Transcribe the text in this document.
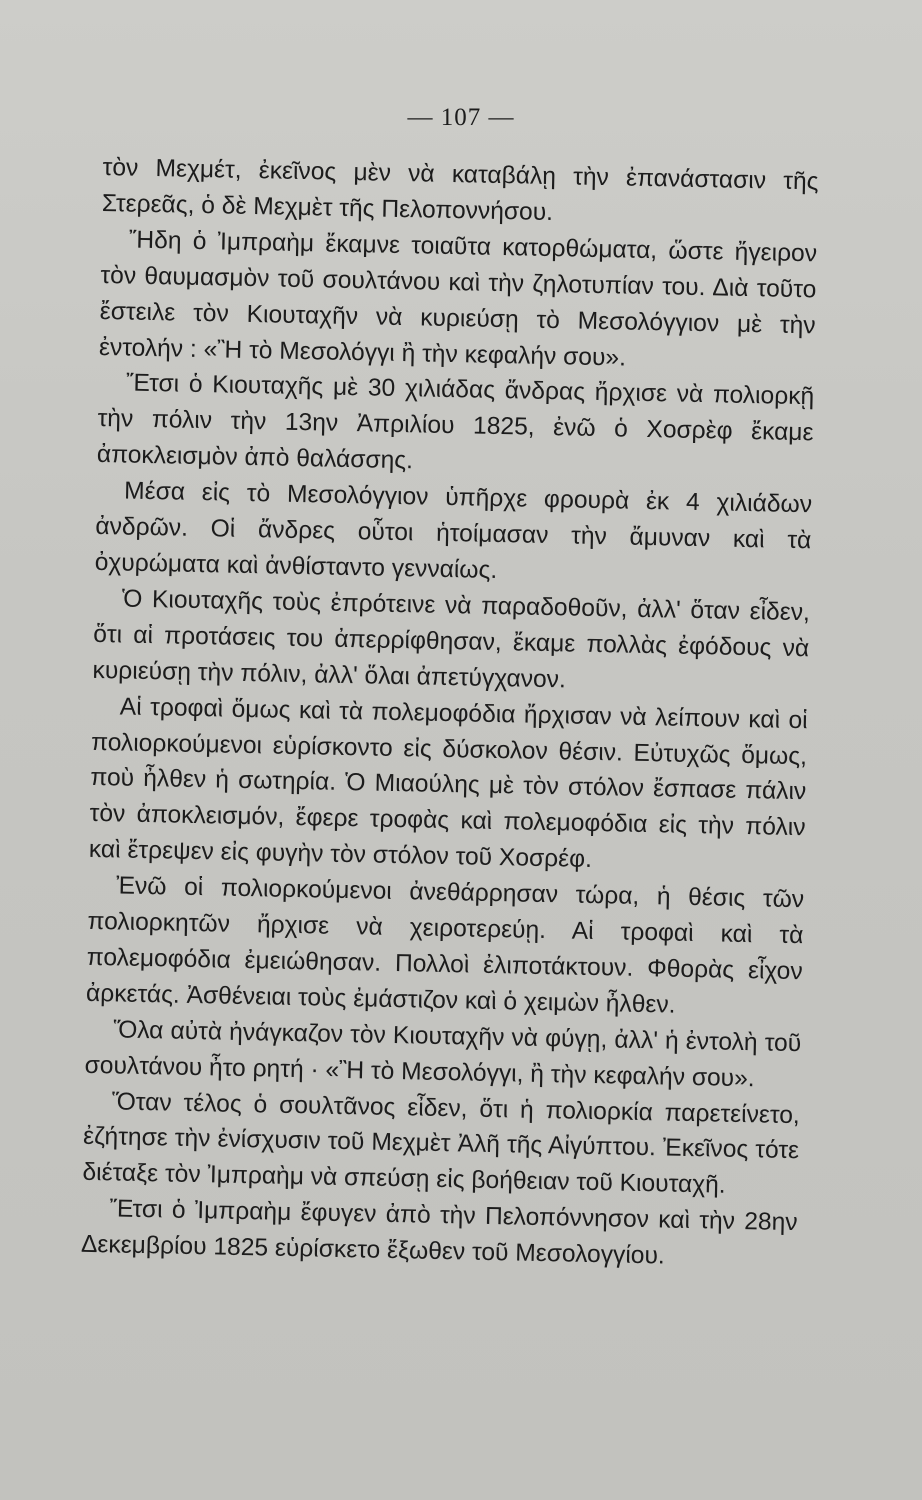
— 107 —

τὸν Μεχμέτ, ἐκεῖνος μὲν νὰ καταβάλῃ τὴν ἐπανάστασιν τῆς Στερεᾶς, ὁ δὲ Μεχμὲτ τῆς Πελοποννήσου.

Ἤδη ὁ Ἰμπραὴμ ἔκαμνε τοιαῦτα κατορθώματα, ὥστε ἤγειρον τὸν θαυμασμὸν τοῦ σουλτάνου καὶ τὴν ζηλοτυπίαν του. Διὰ τοῦτο ἔστειλε τὸν Κιουταχῆν νὰ κυριεύσῃ τὸ Μεσολόγγιον μὲ τὴν ἐντολήν : «Ἢ τὸ Μεσολόγγι ἢ τὴν κεφαλήν σου».

Ἔτσι ὁ Κιουταχῆς μὲ 30 χιλιάδας ἄνδρας ἤρχισε νὰ πολιορκῇ τὴν πόλιν τὴν 13ην Ἀπριλίου 1825, ἐνῶ ὁ Χοσρὲφ ἔκαμε ἀποκλεισμὸν ἀπὸ θαλάσσης.

Μέσα εἰς τὸ Μεσολόγγιον ὑπῆρχε φρουρὰ ἐκ 4 χιλιάδων ἀνδρῶν. Οἱ ἄνδρες οὗτοι ἡτοίμασαν τὴν ἄμυναν καὶ τὰ ὀχυρώματα καὶ ἀνθίσταντο γενναίως.

Ὁ Κιουταχῆς τοὺς ἐπρότεινε νὰ παραδοθοῦν, ἀλλ' ὅταν εἶδεν, ὅτι αἱ προτάσεις του ἀπερρίφθησαν, ἔκαμε πολλὰς ἐφόδους νὰ κυριεύσῃ τὴν πόλιν, ἀλλ' ὅλαι ἀπετύγχανον.

Αἱ τροφαὶ ὅμως καὶ τὰ πολεμοφόδια ἤρχισαν νὰ λείπουν καὶ οἱ πολιορκούμενοι εὑρίσκοντο εἰς δύσκολον θέσιν. Εὐτυχῶς ὅμως, ποὺ ἦλθεν ἡ σωτηρία. Ὁ Μιαούλης μὲ τὸν στόλον ἔσπασε πάλιν τὸν ἀποκλεισμόν, ἔφερε τροφὰς καὶ πολεμοφόδια εἰς τὴν πόλιν καὶ ἔτρεψεν εἰς φυγὴν τὸν στόλον τοῦ Χοσρέφ.

Ἐνῶ οἱ πολιορκούμενοι ἀνεθάρρησαν τώρα, ἡ θέσις τῶν πολιορκητῶν ἤρχισε νὰ χειροτερεύῃ. Αἱ τροφαὶ καὶ τὰ πολεμοφόδια ἐμειώθησαν. Πολλοὶ ἐλιποτάκτουν. Φθορὰς εἶχον ἀρκετάς. Ἀσθένειαι τοὺς ἐμάστιζον καὶ ὁ χειμὼν ἦλθεν.

Ὅλα αὐτὰ ἠνάγκαζον τὸν Κιουταχῆν νὰ φύγῃ, ἀλλ' ἡ ἐντολὴ τοῦ σουλτάνου ἦτο ρητή · «Ἢ τὸ Μεσολόγγι, ἢ τὴν κεφαλήν σου».

Ὅταν τέλος ὁ σουλτᾶνος εἶδεν, ὅτι ἡ πολιορκία παρετείνετο, ἐζήτησε τὴν ἐνίσχυσιν τοῦ Μεχμὲτ Ἀλῆ τῆς Αἰγύπτου. Ἐκεῖνος τότε διέταξε τὸν Ἰμπραὴμ νὰ σπεύσῃ εἰς βοήθειαν τοῦ Κιουταχῆ.

Ἔτσι ὁ Ἰμπραὴμ ἔφυγεν ἀπὸ τὴν Πελοπόννησον καὶ τὴν 28ην Δεκεμβρίου 1825 εὑρίσκετο ἔξωθεν τοῦ Μεσολογγίου.
